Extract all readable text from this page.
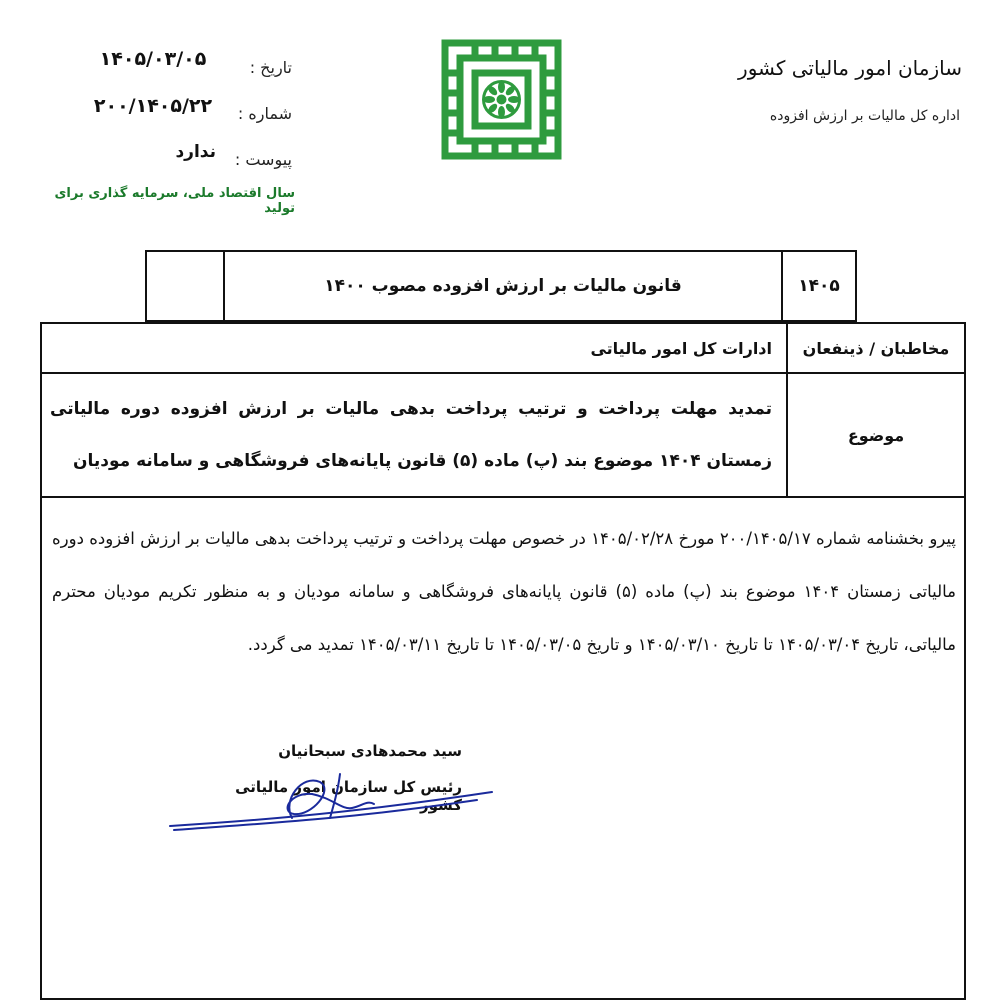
تاریخ :
۱۴۰۵/۰۳/۰۵
شماره :
۲۰۰/۱۴۰۵/۲۲
پیوست :
ندارد
سال اقتصاد ملی، سرمایه گذاری برای تولید
سازمان امور مالیاتی کشور
اداره کل مالیات بر ارزش افزوده
قانون مالیات بر ارزش افزوده مصوب ۱۴۰۰	۱۴۰۵
مخاطبان / ذینفعان
ادارات کل امور مالیاتی
موضوع
تمدید مهلت پرداخت و ترتیب پرداخت بدهی مالیات بر ارزش افزوده دوره مالیاتی زمستان ۱۴۰۴ موضوع بند (پ) ماده (۵) قانون پایانه‌های فروشگاهی و سامانه مودیان
پیرو بخشنامه شماره ۲۰۰/۱۴۰۵/۱۷ مورخ ۱۴۰۵/۰۲/۲۸ در خصوص مهلت پرداخت و ترتیب پرداخت بدهی مالیات بر ارزش افزوده دوره مالیاتی زمستان ۱۴۰۴ موضوع بند (پ) ماده (۵) قانون پایانه‌های فروشگاهی و سامانه مودیان و به منظور تکریم مودیان محترم مالیاتی، تاریخ ۱۴۰۵/۰۳/۰۴ تا تاریخ ۱۴۰۵/۰۳/۱۰ و تاریخ ۱۴۰۵/۰۳/۰۵ تا تاریخ ۱۴۰۵/۰۳/۱۱ تمدید می گردد.
سید محمدهادی سبحانیان
رئیس کل سازمان امور مالیاتی کشور
